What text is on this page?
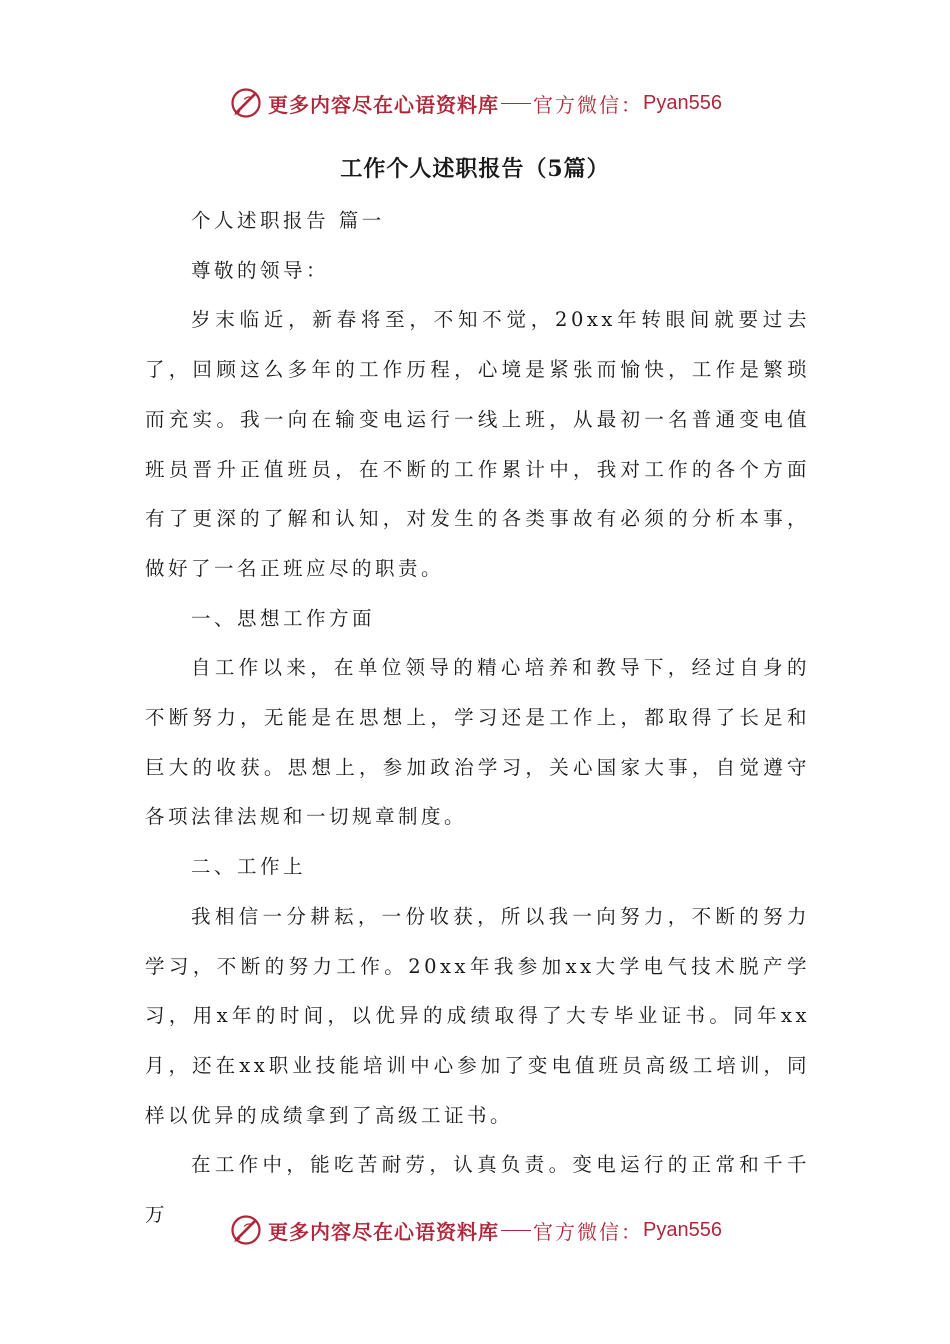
更多内容尽在心语资料库 官方微信： Pyan556
工作个人述职报告（5篇）

个人述职报告 篇一

尊敬的领导：

岁末临近，新春将至，不知不觉，20xx年转眼间就要过去了，回顾这么多年的工作历程，心境是紧张而愉快，工作是繁琐而充实。我一向在输变电运行一线上班，从最初一名普通变电值班员晋升正值班员，在不断的工作累计中，我对工作的各个方面有了更深的了解和认知，对发生的各类事故有必须的分析本事，做好了一名正班应尽的职责。

一、思想工作方面

自工作以来，在单位领导的精心培养和教导下，经过自身的不断努力，无能是在思想上，学习还是工作上，都取得了长足和巨大的收获。思想上，参加政治学习，关心国家大事，自觉遵守各项法律法规和一切规章制度。

二、工作上

我相信一分耕耘，一份收获，所以我一向努力，不断的努力学习，不断的努力工作。20xx年我参加xx大学电气技术脱产学习，用x年的时间，以优异的成绩取得了大专毕业证书。同年xx月，还在xx职业技能培训中心参加了变电值班员高级工培训，同样以优异的成绩拿到了高级工证书。

在工作中，能吃苦耐劳，认真负责。变电运行的正常和千千万

更多内容尽在心语资料库 官方微信： Pyan556
